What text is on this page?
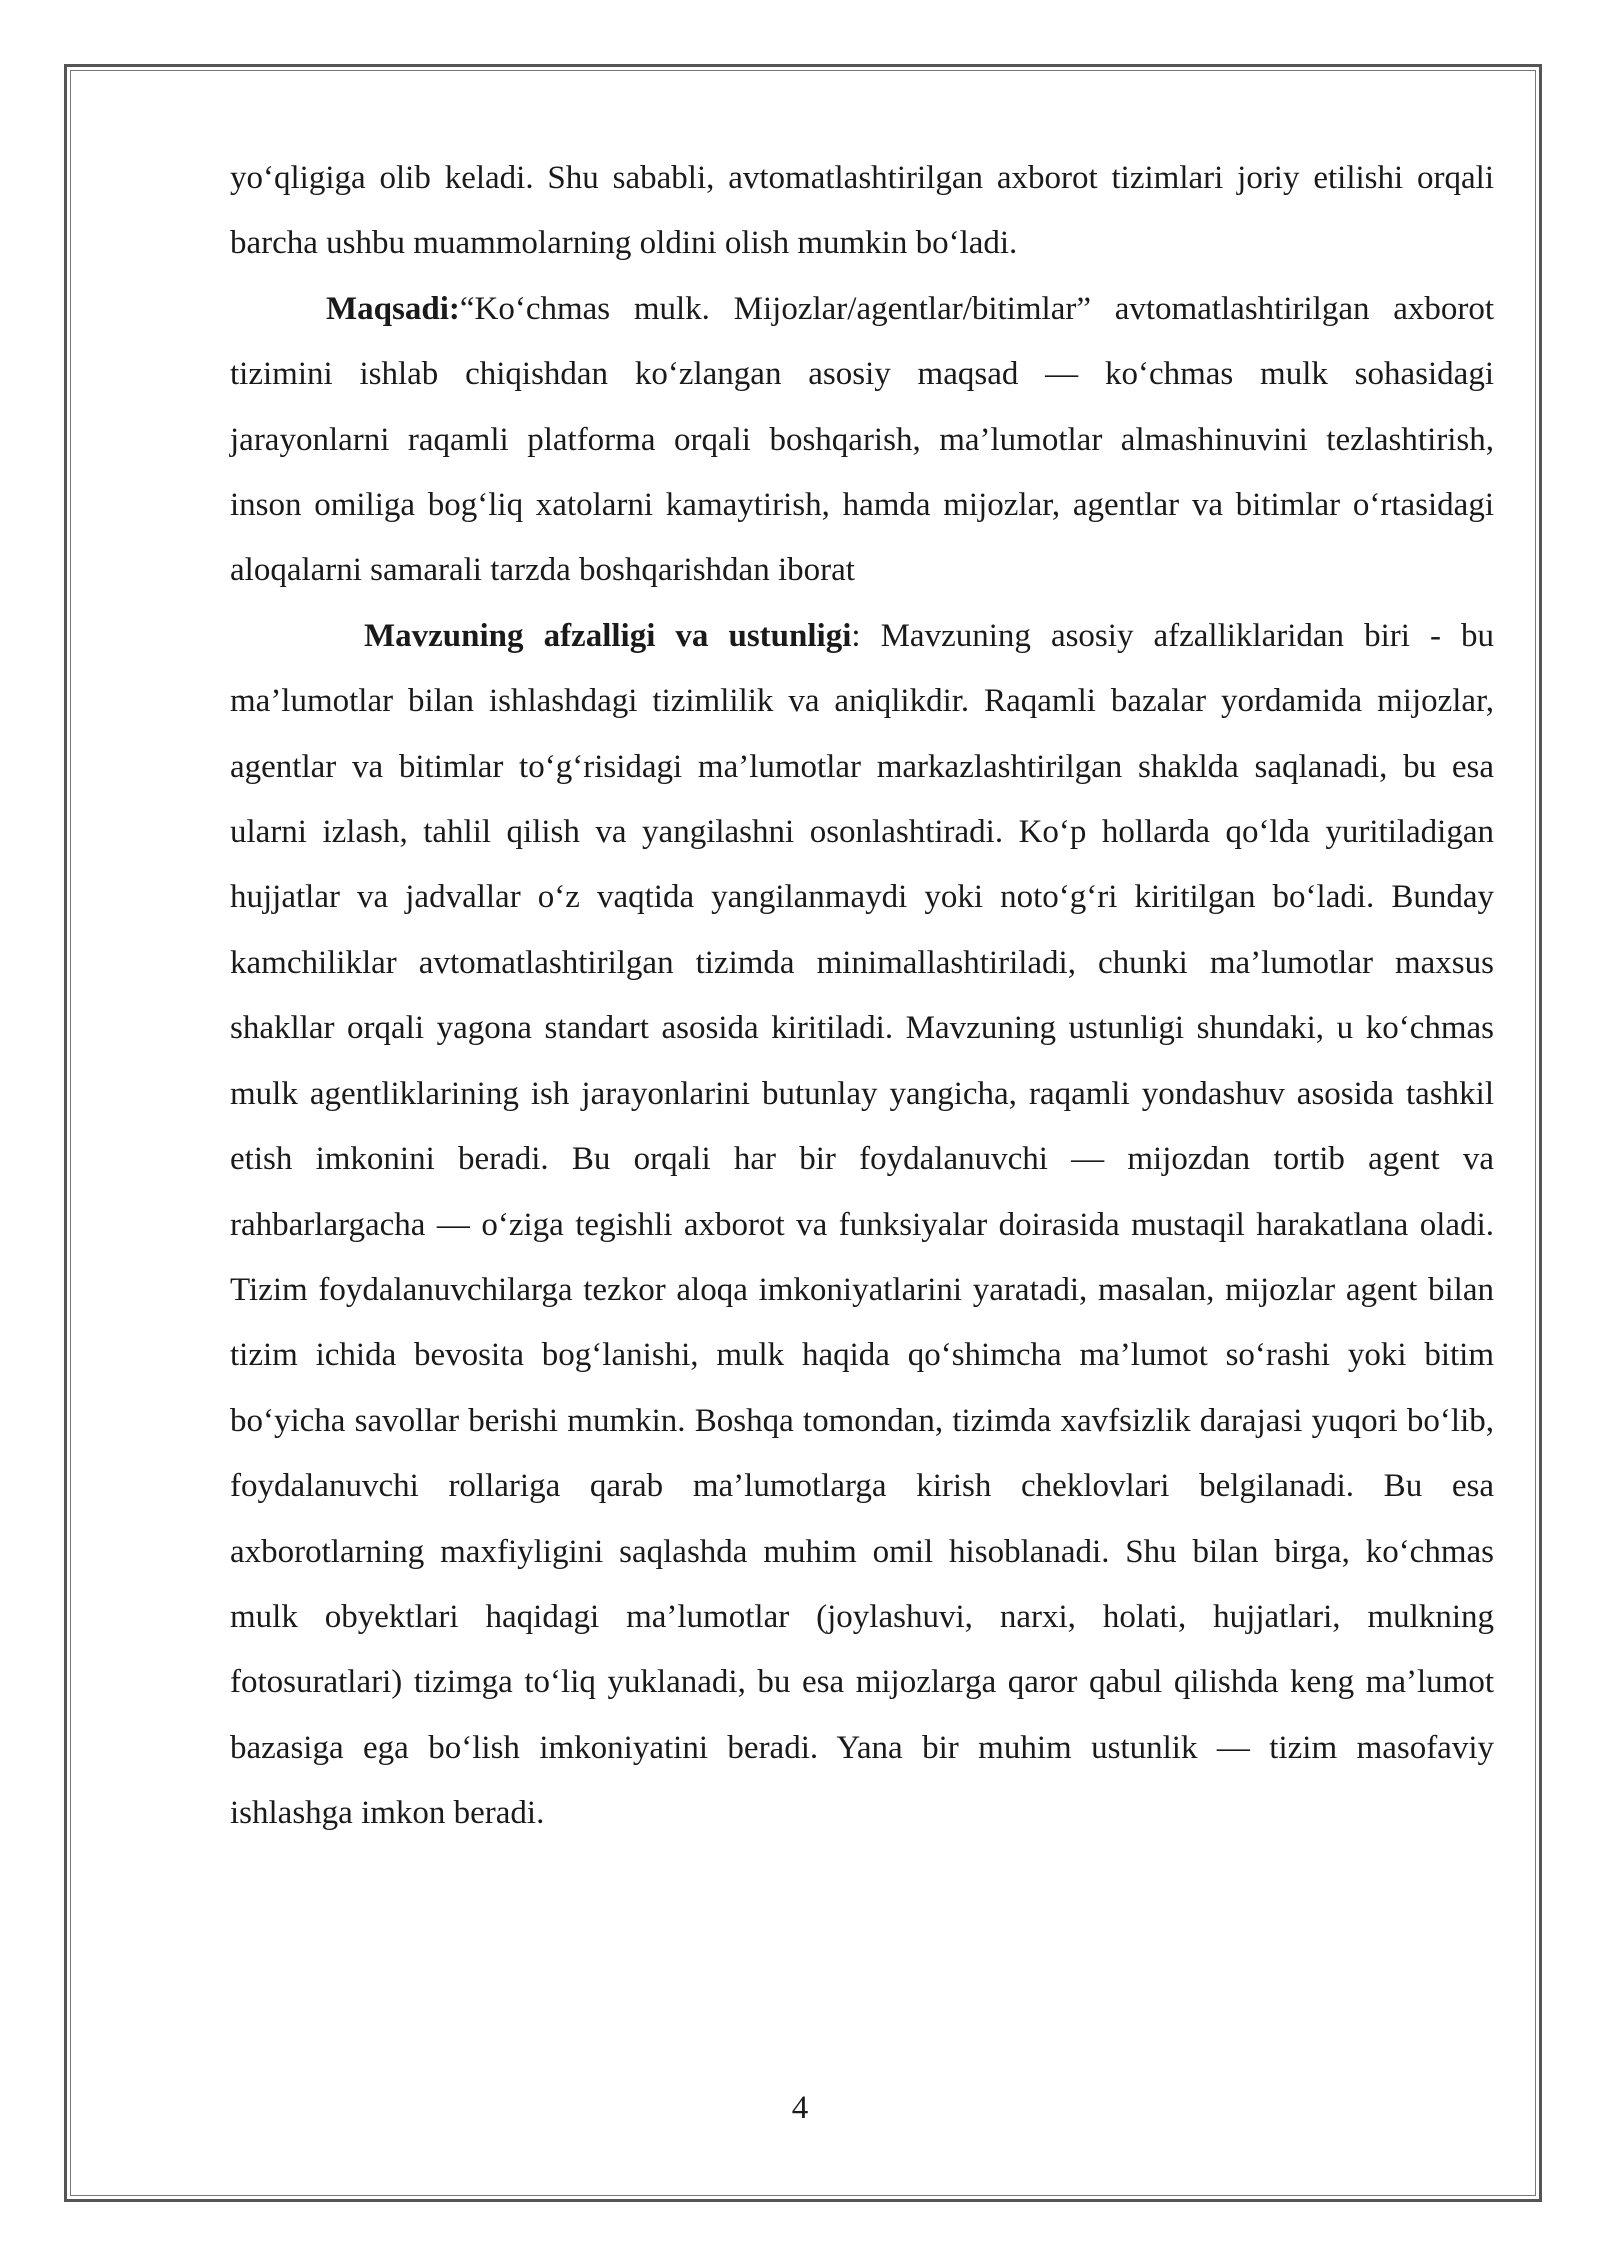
yo‘qligiga olib keladi. Shu sababli, avtomatlashtirilgan axborot tizimlari joriy etilishi orqali barcha ushbu muammolarning oldini olish mumkin bo‘ladi.

Maqsadi:“Ko‘chmas mulk. Mijozlar/agentlar/bitimlar” avtomatlashtirilgan axborot tizimini ishlab chiqishdan ko‘zlangan asosiy maqsad — ko‘chmas mulk sohasidagi jarayonlarni raqamli platforma orqali boshqarish, ma’lumotlar almashinuvini tezlashtirish, inson omiliga bog‘liq xatolarni kamaytirish, hamda mijozlar, agentlar va bitimlar o‘rtasidagi aloqalarni samarali tarzda boshqarishdan iborat

Mavzuning afzalligi va ustunligi: Mavzuning asosiy afzalliklaridan biri - bu ma’lumotlar bilan ishlashdagi tizimlilik va aniqlikdir. Raqamli bazalar yordamida mijozlar, agentlar va bitimlar to‘g‘risidagi ma’lumotlar markazlashtirilgan shaklda saqlanadi, bu esa ularni izlash, tahlil qilish va yangilashni osonlashtiradi. Ko‘p hollarda qo‘lda yuritiladigan hujjatlar va jadvallar o‘z vaqtida yangilanmaydi yoki noto‘g‘ri kiritilgan bo‘ladi. Bunday kamchiliklar avtomatlashtirilgan tizimda minimallashtiriladi, chunki ma’lumotlar maxsus shakllar orqali yagona standart asosida kiritiladi. Mavzuning ustunligi shundaki, u ko‘chmas mulk agentliklarining ish jarayonlarini butunlay yangicha, raqamli yondashuv asosida tashkil etish imkonini beradi. Bu orqali har bir foydalanuvchi — mijozdan tortib agent va rahbarlargacha — o‘ziga tegishli axborot va funksiyalar doirasida mustaqil harakatlana oladi. Tizim foydalanuvchilarga tezkor aloqa imkoniyatlarini yaratadi, masalan, mijozlar agent bilan tizim ichida bevosita bog‘lanishi, mulk haqida qo‘shimcha ma’lumot so‘rashi yoki bitim bo‘yicha savollar berishi mumkin. Boshqa tomondan, tizimda xavfsizlik darajasi yuqori bo‘lib, foydalanuvchi rollariga qarab ma’lumotlarga kirish cheklovlari belgilanadi. Bu esa axborotlarning maxfiyligini saqlashda muhim omil hisoblanadi. Shu bilan birga, ko‘chmas mulk obyektlari haqidagi ma’lumotlar (joylashuvi, narxi, holati, hujjatlari, mulkning fotosuratlari) tizimga to‘liq yuklanadi, bu esa mijozlarga qaror qabul qilishda keng ma’lumot bazasiga ega bo‘lish imkoniyatini beradi. Yana bir muhim ustunlik — tizim masofaviy ishlashga imkon beradi.

4
